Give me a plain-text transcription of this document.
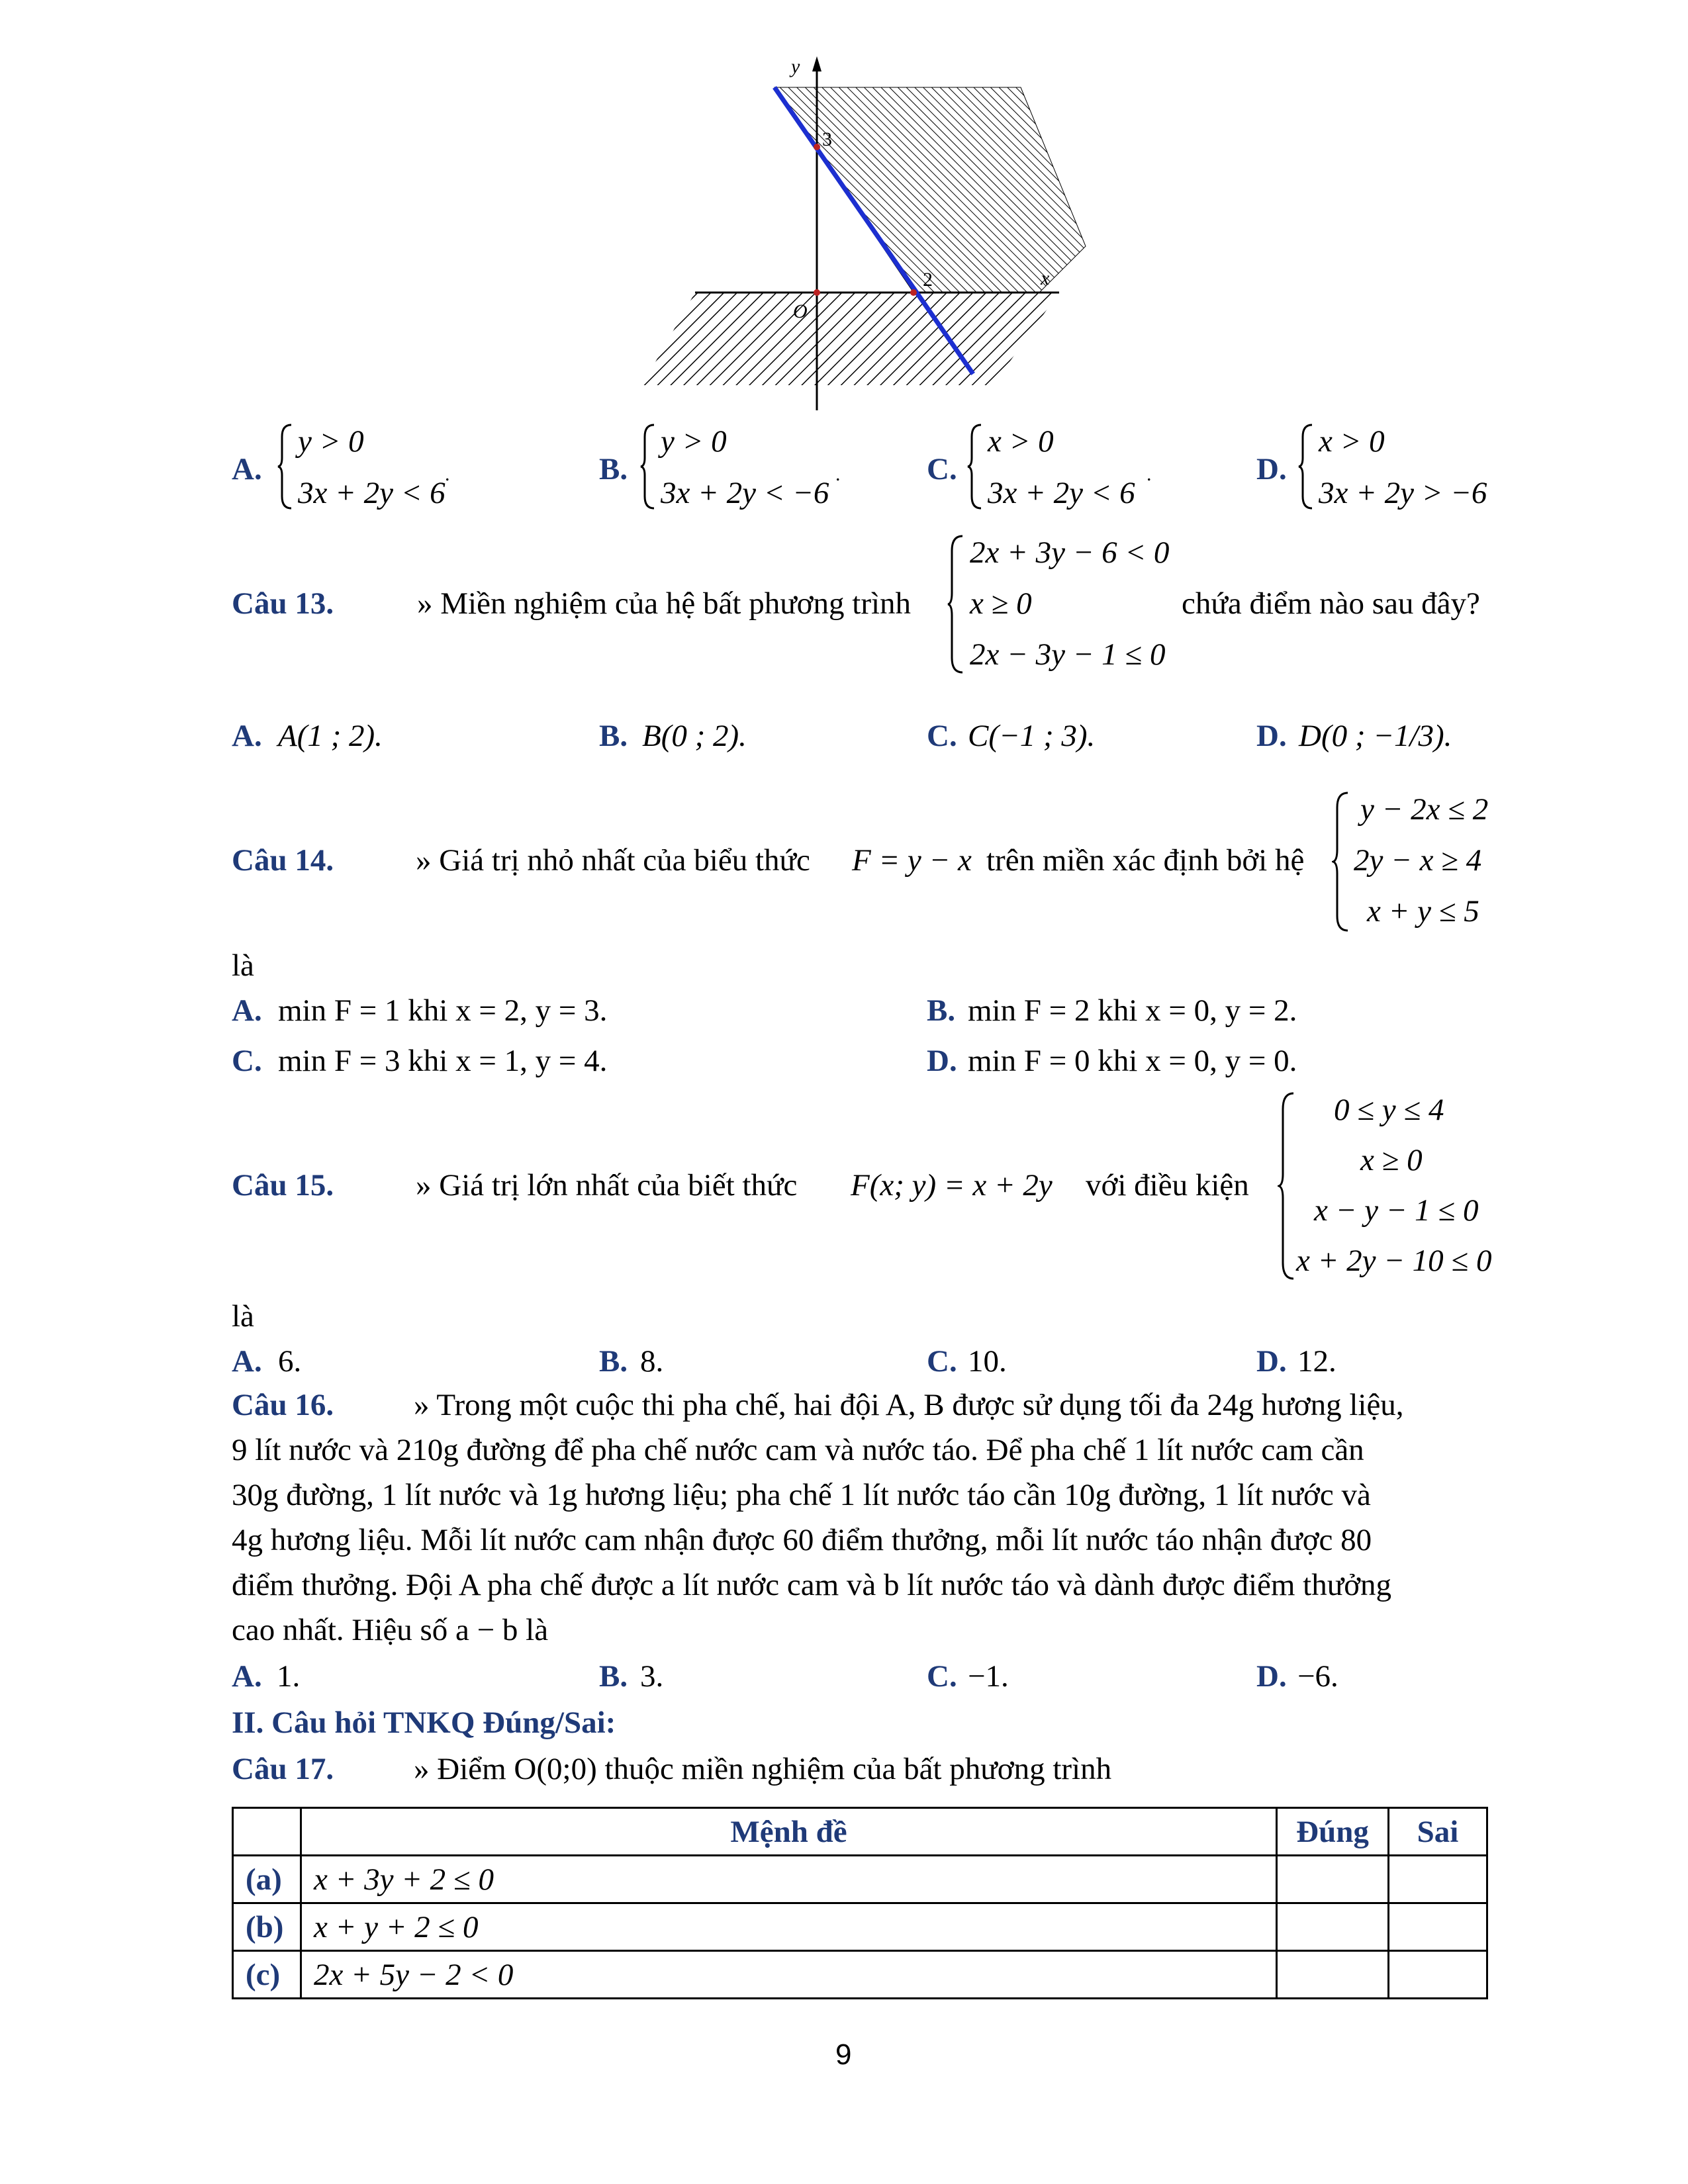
y
x
O
3
2
A.
y > 0
3x + 2y < 6
.	B.
y > 0
3x + 2y < −6
.	C.
x > 0
3x + 2y < 6
.	D.
x > 0
3x + 2y > −6
Câu 13.	» Miền nghiệm của hệ bất phương trình
2x + 3y − 6 < 0
x ≥ 0
2x − 3y − 1 ≤ 0
chứa điểm nào sau đây?
A. A(1 ; 2).	B. B(0 ; 2).	C. C(−1 ; 3).	D. D(0 ; −1/3).
Câu 14.	» Giá trị nhỏ nhất của biểu thức F = y − x trên miền xác định bởi hệ
y − 2x ≤ 2
2y − x ≥ 4
x + y ≤ 5
là
A. min F = 1 khi x = 2, y = 3.	B. min F = 2 khi x = 0, y = 2.
C. min F = 3 khi x = 1, y = 4.	D. min F = 0 khi x = 0, y = 0.
Câu 15.	» Giá trị lớn nhất của biết thức F(x; y) = x + 2y với điều kiện
0 ≤ y ≤ 4
x ≥ 0
x − y − 1 ≤ 0
x + 2y − 10 ≤ 0
là
A. 6.	B. 8.	C. 10.	D. 12.
Câu 16.	» Trong một cuộc thi pha chế, hai đội A, B được sử dụng tối đa 24g hương liệu,
9 lít nước và 210g đường để pha chế nước cam và nước táo. Để pha chế 1 lít nước cam cần
30g đường, 1 lít nước và 1g hương liệu; pha chế 1 lít nước táo cần 10g đường, 1 lít nước và
4g hương liệu. Mỗi lít nước cam nhận được 60 điểm thưởng, mỗi lít nước táo nhận được 80
điểm thưởng. Đội A pha chế được a lít nước cam và b lít nước táo và dành được điểm thưởng
cao nhất. Hiệu số a − b là
A. 1.	B. 3.	C. −1.	D. −6.
II. Câu hỏi TNKQ Đúng/Sai:
Câu 17.	» Điểm O(0;0) thuộc miền nghiệm của bất phương trình
	Mệnh đề	Đúng	Sai
(a)	x + 3y + 2 ≤ 0		
(b)	x + y + 2 ≤ 0		
(c)	2x + 5y − 2 < 0		
9
